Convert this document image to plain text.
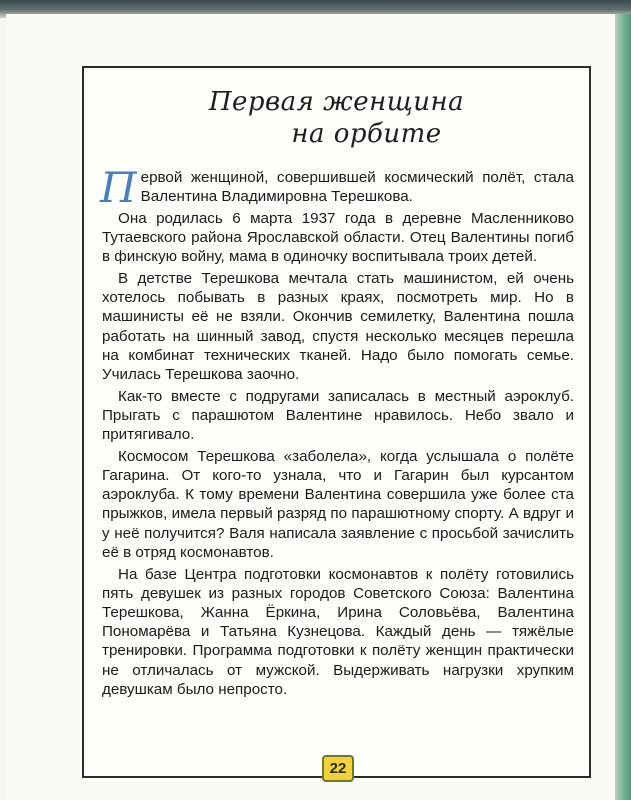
Первая женщина
на орбите

Первой женщиной, совершившей космический полёт, стала Валентина Владимировна Терешкова.

Она родилась 6 марта 1937 года в деревне Масленниково Тутаевского района Ярославской области. Отец Валентины погиб в финскую войну, мама в одиночку воспитывала троих детей.

В детстве Терешкова мечтала стать машинистом, ей очень хотелось побывать в разных краях, посмотреть мир. Но в машинисты её не взяли. Окончив семилетку, Валентина пошла работать на шинный завод, спустя несколько месяцев перешла на комбинат технических тканей. Надо было помогать семье. Училась Терешкова заочно.

Как-то вместе с подругами записалась в местный аэроклуб. Прыгать с парашютом Валентине нравилось. Небо звало и притягивало.

Космосом Терешкова «заболела», когда услышала о полёте Гагарина. От кого-то узнала, что и Гагарин был курсантом аэроклуба. К тому времени Валентина совершила уже более ста прыжков, имела первый разряд по парашютному спорту. А вдруг и у неё получится? Валя написала заявление с просьбой зачислить её в отряд космонавтов.

На базе Центра подготовки космонавтов к полёту готовились пять девушек из разных городов Советского Союза: Валентина Терешкова, Жанна Ёркина, Ирина Соловьёва, Валентина Пономарёва и Татьяна Кузнецова. Каждый день — тяжёлые тренировки. Программа подготовки к полёту женщин практически не отличалась от мужской. Выдерживать нагрузки хрупким девушкам было непросто.

22
